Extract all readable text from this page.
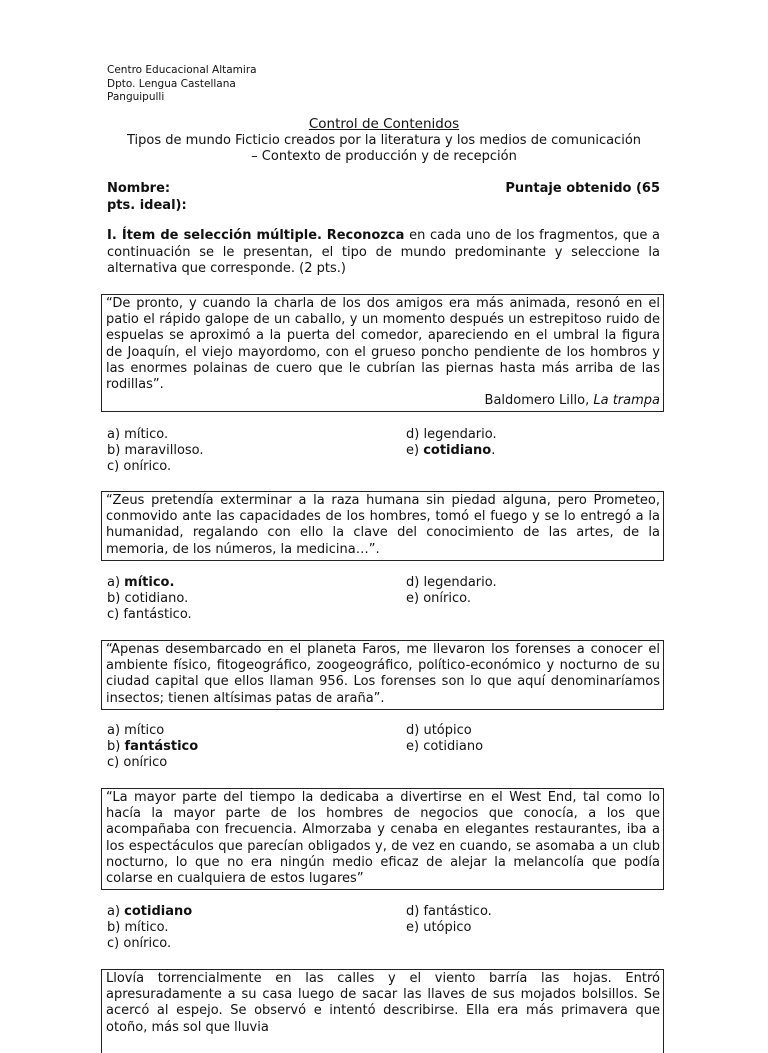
Centro Educacional Altamira
Dpto. Lengua Castellana
Panguipulli
Control de Contenidos
Tipos de mundo Ficticio creados por la literatura y los medios de comunicación
– Contexto de producción y de recepción
Nombre:	Puntaje obtenido (65
pts. ideal):
I. Ítem de selección múltiple. Reconozca en cada uno de los fragmentos, que a continuación se le presentan, el tipo de mundo predominante y seleccione la alternativa que corresponde. (2 pts.)
“De pronto, y cuando la charla de los dos amigos era más animada, resonó en el patio el rápido galope de un caballo, y un momento después un estrepitoso ruido de espuelas se aproximó a la puerta del comedor, apareciendo en el umbral la figura de Joaquín, el viejo mayordomo, con el grueso poncho pendiente de los hombros y las enormes polainas de cuero que le cubrían las piernas hasta más arriba de las rodillas”.
Baldomero Lillo, La trampa
a) mítico.
b) maravilloso.
c) onírico.
d) legendario.
e) cotidiano.
“Zeus pretendía exterminar a la raza humana sin piedad alguna, pero Prometeo, conmovido ante las capacidades de los hombres, tomó el fuego y se lo entregó a la humanidad, regalando con ello la clave del conocimiento de las artes, de la memoria, de los números, la medicina…”.
a) mítico.
b) cotidiano.
c) fantástico.
d) legendario.
e) onírico.
“Apenas desembarcado en el planeta Faros, me llevaron los forenses a conocer el ambiente físico, fitogeográfico, zoogeográfico, político-económico y nocturno de su ciudad capital que ellos llaman 956. Los forenses son lo que aquí denominaríamos insectos; tienen altísimas patas de araña”.
a) mítico
b) fantástico
c) onírico
d) utópico
e) cotidiano
“La mayor parte del tiempo la dedicaba a divertirse en el West End, tal como lo hacía la mayor parte de los hombres de negocios que conocía, a los que acompañaba con frecuencia. Almorzaba y cenaba en elegantes restaurantes, iba a los espectáculos que parecían obligados y, de vez en cuando, se asomaba a un club nocturno, lo que no era ningún medio eficaz de alejar la melancolía que podía colarse en cualquiera de estos lugares”
a) cotidiano
b) mítico.
c) onírico.
d) fantástico.
e) utópico
Llovía torrencialmente en las calles y el viento barría las hojas. Entró apresuradamente a su casa luego de sacar las llaves de sus mojados bolsillos. Se acercó al espejo. Se observó e intentó describirse. Ella era más primavera que otoño, más sol que lluvia
